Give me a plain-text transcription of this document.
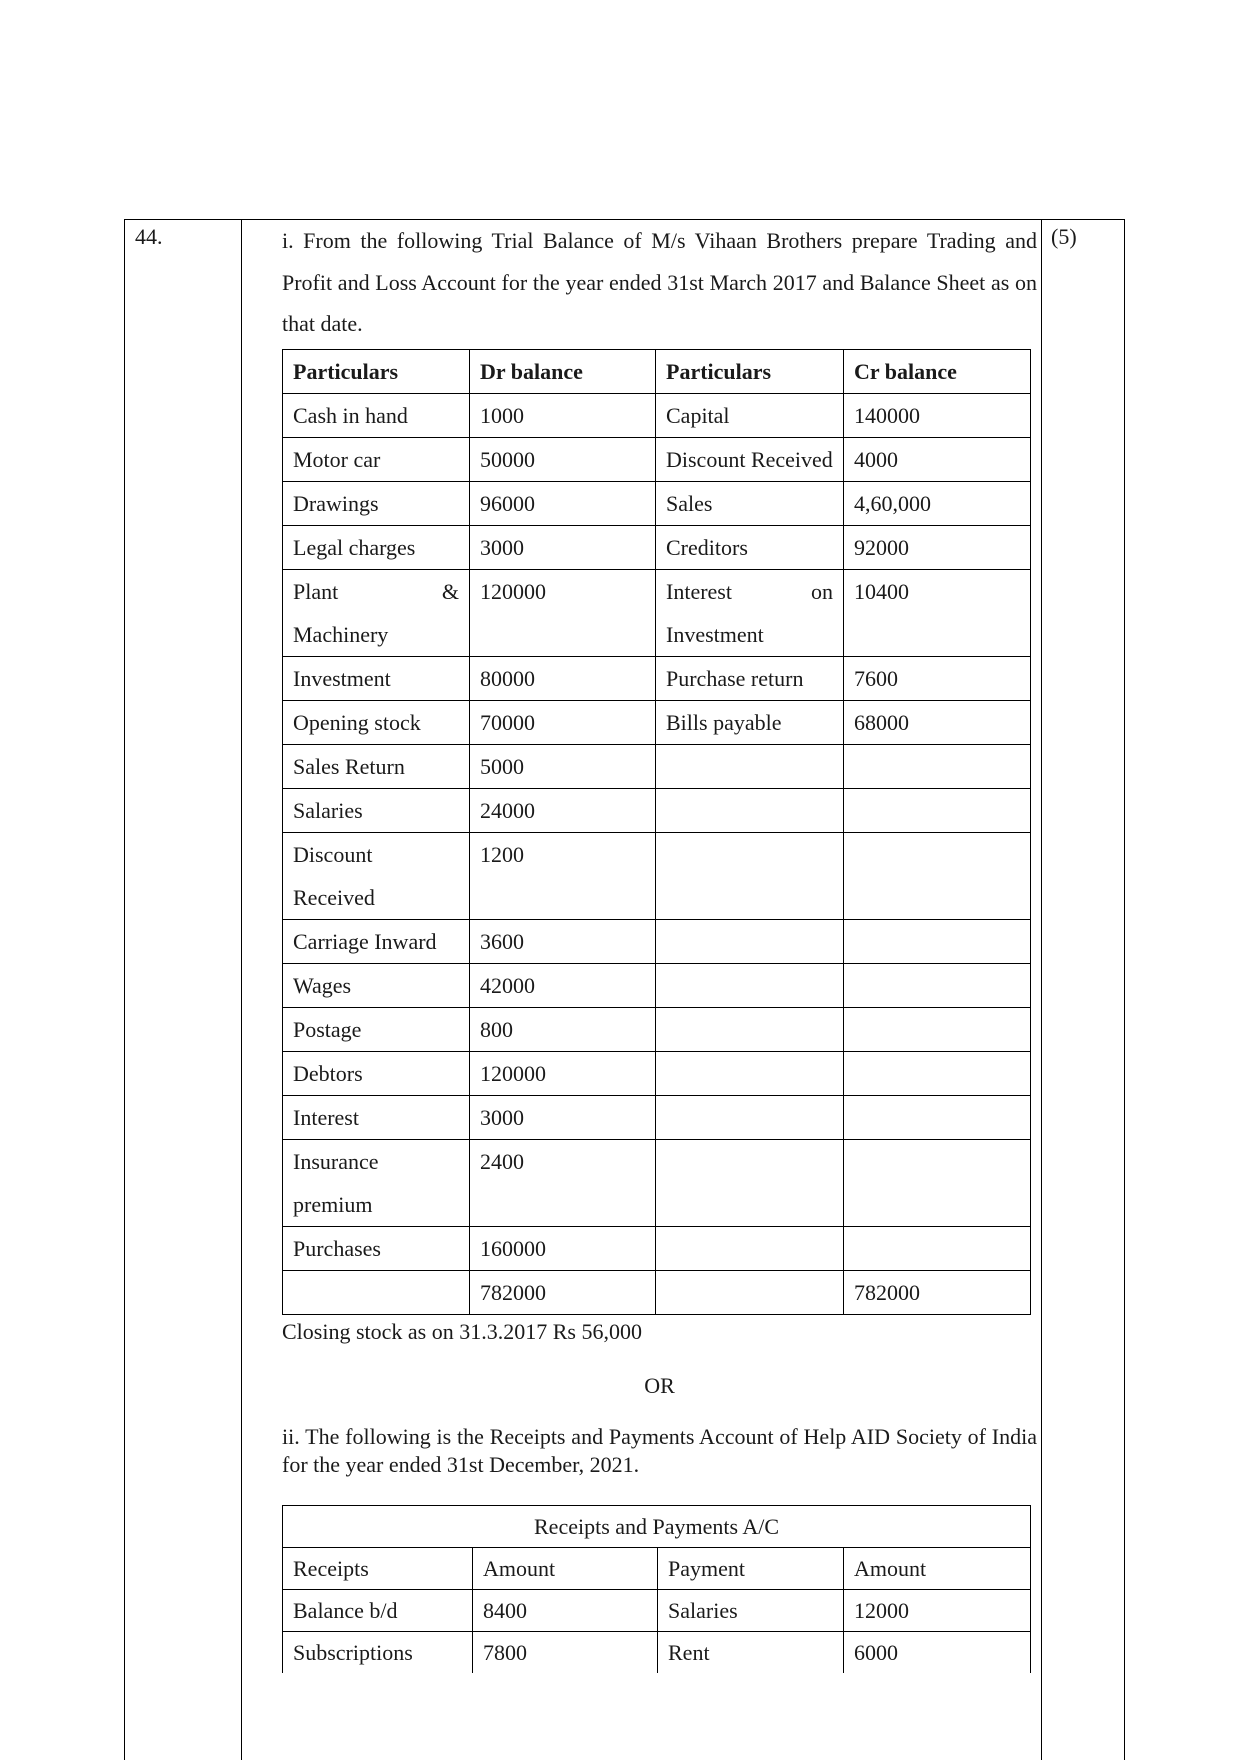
44.	(5)

i. From the following Trial Balance of M/s Vihaan Brothers prepare Trading and Profit and Loss Account for the year ended 31st March 2017 and Balance Sheet as on that date.

Particulars	Dr balance	Particulars	Cr balance
Cash in hand	1000	Capital	140000
Motor car	50000	Discount Received	4000
Drawings	96000	Sales	4,60,000
Legal charges	3000	Creditors	92000

Plant & Machinery	120000	Interest on Investment	10400
Investment	80000	Purchase return	7600
Opening stock	70000	Bills payable	68000
Sales Return	5000		
Salaries	24000		
Discount Received	1200		
Carriage Inward	3600		
Wages	42000		
Postage	800		
Debtors	120000		
Interest	3000		
Insurance premium	2400		
Purchases	160000		
	782000		782000
Closing stock as on 31.3.2017 Rs 56,000
OR
ii. The following is the Receipts and Payments Account of Help AID Society of India for the year ended 31st December, 2021.
Receipts and Payments A/C			
Receipts	Amount	Payment	Amount
Balance b/d	8400	Salaries	12000
Subscriptions	7800	Rent	6000
